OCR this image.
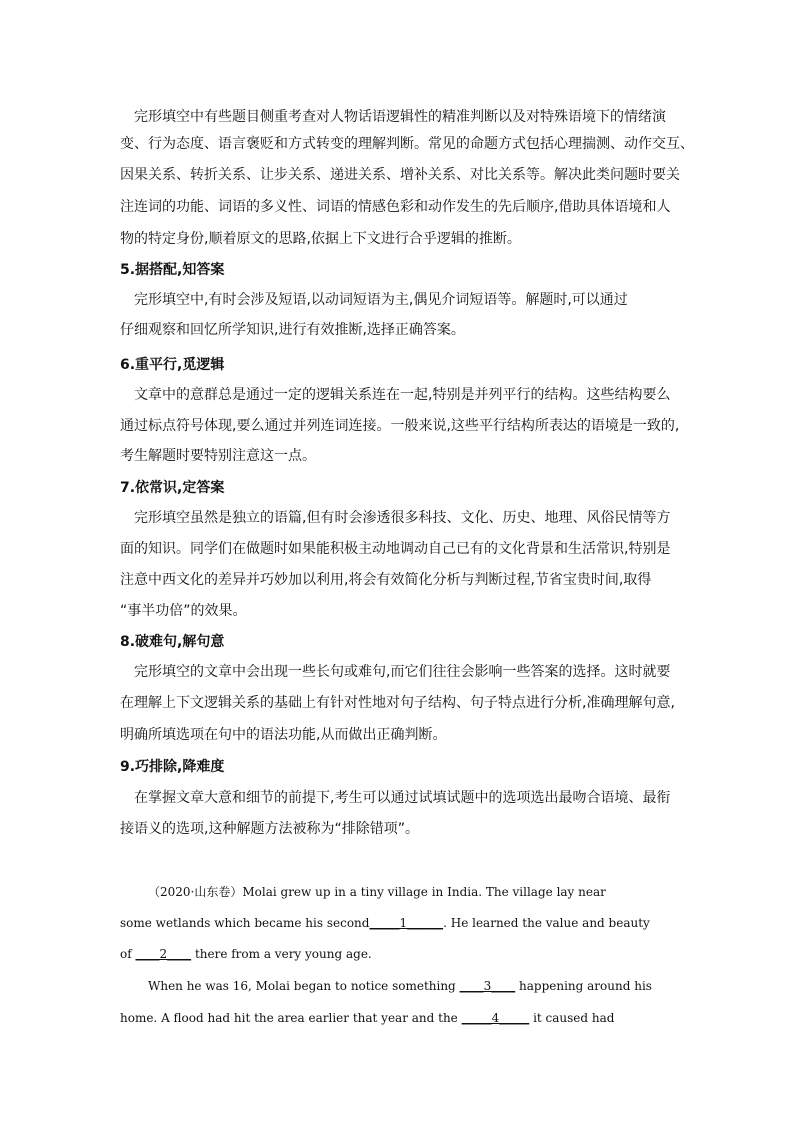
完形填空中有些题目侧重考查对人物话语逻辑性的精准判断以及对特殊语境下的情绪演
变、行为态度、语言褒贬和方式转变的理解判断。常见的命题方式包括心理揣测、动作交互、
因果关系、转折关系、让步关系、递进关系、增补关系、对比关系等。解决此类问题时要关
注连词的功能、词语的多义性、词语的情感色彩和动作发生的先后顺序,借助具体语境和人
物的特定身份,顺着原文的思路,依据上下文进行合乎逻辑的推断。
5.据搭配,知答案
完形填空中,有时会涉及短语,以动词短语为主,偶见介词短语等。解题时,可以通过
仔细观察和回忆所学知识,进行有效推断,选择正确答案。
6.重平行,觅逻辑
文章中的意群总是通过一定的逻辑关系连在一起,特别是并列平行的结构。这些结构要么
通过标点符号体现,要么通过并列连词连接。一般来说,这些平行结构所表达的语境是一致的,
考生解题时要特别注意这一点。
7.依常识,定答案
完形填空虽然是独立的语篇,但有时会渗透很多科技、文化、历史、地理、风俗民情等方
面的知识。同学们在做题时如果能积极主动地调动自己已有的文化背景和生活常识,特别是
注意中西文化的差异并巧妙加以利用,将会有效简化分析与判断过程,节省宝贵时间,取得
“事半功倍”的效果。
8.破难句,解句意
完形填空的文章中会出现一些长句或难句,而它们往往会影响一些答案的选择。这时就要
在理解上下文逻辑关系的基础上有针对性地对句子结构、句子特点进行分析,准确理解句意,
明确所填选项在句中的语法功能,从而做出正确判断。
9.巧排除,降难度
在掌握文章大意和细节的前提下,考生可以通过试填试题中的选项选出最吻合语境、最衔
接语义的选项,这种解题方法被称为“排除错项”。
（2020·山东卷）Molai grew up in a tiny village in India. The village lay near
some wetlands which became his second_____1______. He learned the value and beauty
of ____2____ there from a very young age.
When he was 16, Molai began to notice something ____3____ happening around his
home. A flood had hit the area earlier that year and the _____4_____ it caused had
